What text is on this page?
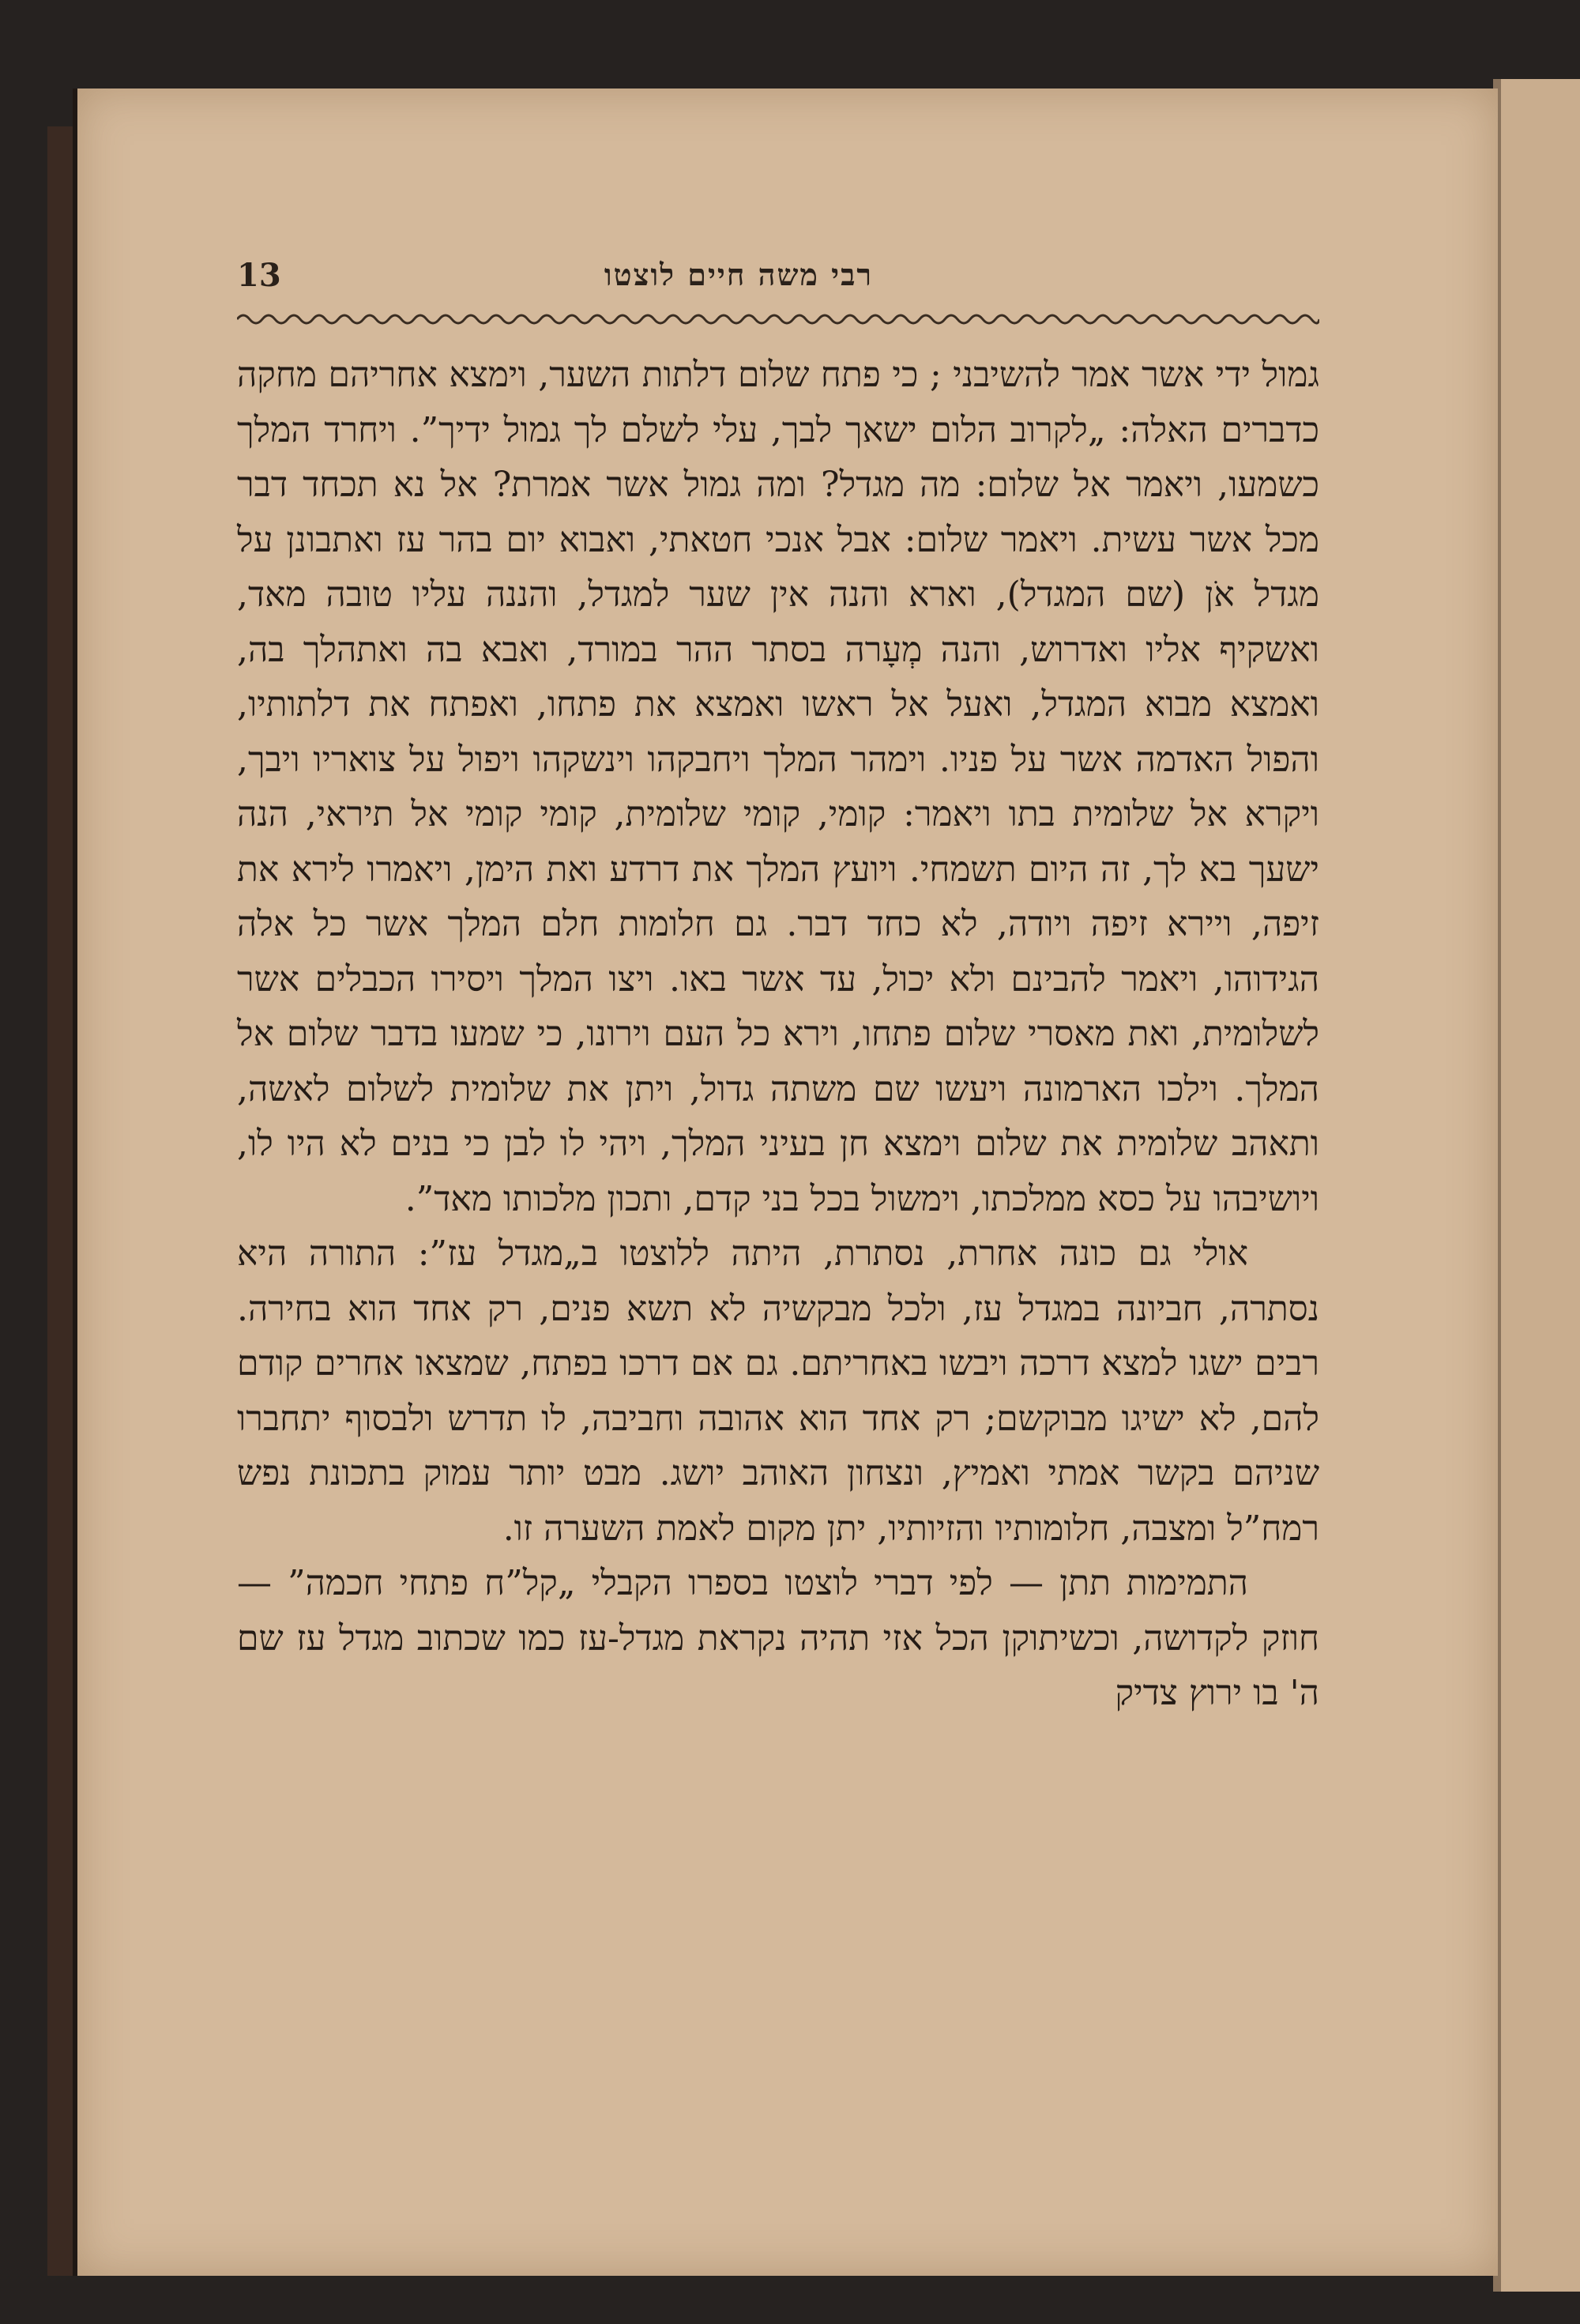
רבי משה חיים לוצטו
13

גמול ידי אשר אמר להשיבני ; כי פתח שלום דלתות השער, וימצא אחריהם מחקה כדברים האלה: „לקרוב הלום ישאך לבך, עלי לשלם לך גמול ידיך”. ויחרד המלך כשמעו, ויאמר אל שלום: מה מגדל? ומה גמול אשר אמרת? אל נא תכחד דבר מכל אשר עשית. ויאמר שלום: אבל אנכי חטאתי, ואבוא יום בהר עז ואתבונן על מגדל אֹן (שם המגדל), וארא והנה אין שער למגדל, והננה עליו טובה מאד, ואשקיף אליו ואדרוש, והנה מְעָרה בסתר ההר במורד, ואבא בה ואתהלך בה, ואמצא מבוא המגדל, ואעל אל ראשו ואמצא את פתחו, ואפתח את דלתותיו, והפול האדמה אשר על פניו. וימהר המלך ויחבקהו וינשקהו ויפול על צואריו ויבך, ויקרא אל שלומית בתו ויאמר: קומי, קומי שלומית, קומי קומי אל תיראי, הנה ישעך בא לך, זה היום תשמחי. ויועץ המלך את דרדע ואת הימן, ויאמרו לירא את זיפה, ויירא זיפה ויודה, לא כחד דבר. גם חלומות חלם המלך אשר כל אלה הגידוהו, ויאמר להבינם ולא יכול, עד אשר באו. ויצו המלך ויסירו הכבלים אשר לשלומית, ואת מאסרי שלום פתחו, וירא כל העם וירונו, כי שמעו בדבר שלום אל המלך. וילכו הארמונה ויעשו שם משתה גדול, ויתן את שלומית לשלום לאשה, ותאהב שלומית את שלום וימצא חן בעיני המלך, ויהי לו לבן כי בנים לא היו לו, ויושיבהו על כסא ממלכתו, וימשול בכל בני קדם, ותכון מלכותו מאד”.

אולי גם כונה אחרת, נסתרת, היתה ללוצטו ב„מגדל עז”: התורה היא נסתרה, חביונה במגדל עז, ולכל מבקשיה לא תשא פנים, רק אחד הוא בחירה. רבים ישגו למצא דרכה ויבשו באחריתם. גם אם דרכו בפתח, שמצאו אחרים קודם להם, לא ישיגו מבוקשם; רק אחד הוא אהובה וחביבה, לו תדרש ולבסוף יתחברו שניהם בקשר אמתי ואמיץ, ונצחון האוהב יושג. מבט יותר עמוק בתכונת נפש רמח”ל ומצבה, חלומותיו והזיותיו, יתן מקום לאמת השערה זו.

התמימות תתן — לפי דברי לוצטו בספרו הקבלי „קל”ח פתחי חכמה” — חוזק לקדושה, וכשיתוקן הכל אזי תהיה נקראת מגדל-עז כמו שכתוב מגדל עז שם ה' בו ירוץ צדיק
